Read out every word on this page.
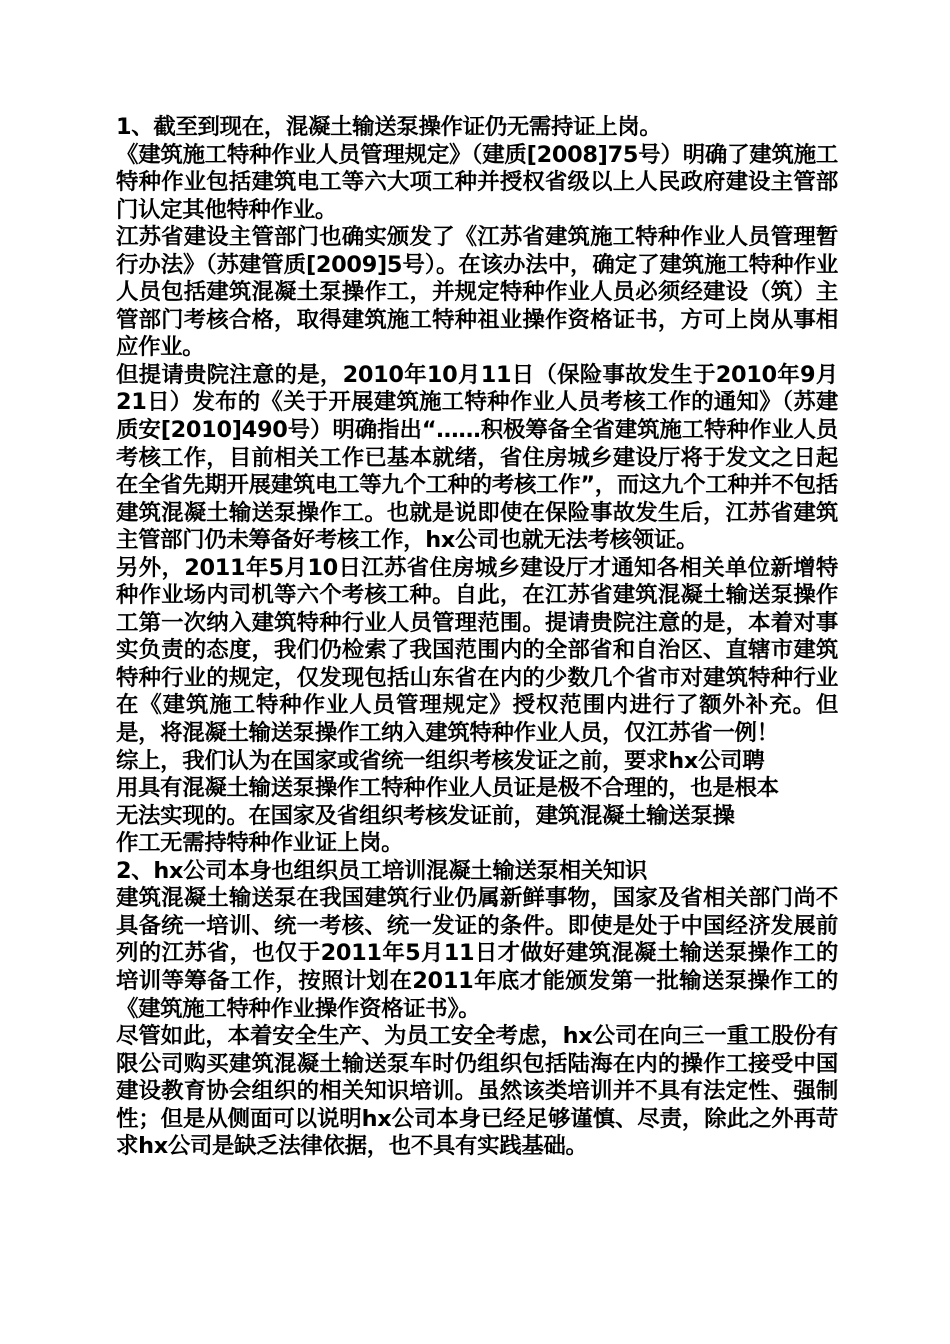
1、截至到现在，混凝土输送泵操作证仍无需持证上岗。

《建筑施工特种作业人员管理规定》（建质[2008]75号）明确了建筑施工特种作业包括建筑电工等六大项工种并授权省级以上人民政府建设主管部门认定其他特种作业。

江苏省建设主管部门也确实颁发了《江苏省建筑施工特种作业人员管理暂行办法》（苏建管质[2009]5号）。在该办法中，确定了建筑施工特种作业人员包括建筑混凝土泵操作工，并规定特种作业人员必须经建设（筑）主管部门考核合格，取得建筑施工特种祖业操作资格证书，方可上岗从事相应作业。

但提请贵院注意的是，2010年10月11日（保险事故发生于2010年9月21日）发布的《关于开展建筑施工特种作业人员考核工作的通知》（苏建质安[2010]490号）明确指出“……积极筹备全省建筑施工特种作业人员考核工作，目前相关工作已基本就绪，省住房城乡建设厅将于发文之日起在全省先期开展建筑电工等九个工种的考核工作”，而这九个工种并不包括建筑混凝土输送泵操作工。也就是说即使在保险事故发生后，江苏省建筑主管部门仍未筹备好考核工作，hx公司也就无法考核领证。

另外，2011年5月10日江苏省住房城乡建设厅才通知各相关单位新增特种作业场内司机等六个考核工种。自此，在江苏省建筑混凝土输送泵操作工第一次纳入建筑特种行业人员管理范围。提请贵院注意的是，本着对事实负责的态度，我们仍检索了我国范围内的全部省和自治区、直辖市建筑特种行业的规定，仅发现包括山东省在内的少数几个省市对建筑特种行业在《建筑施工特种作业人员管理规定》授权范围内进行了额外补充。但是，将混凝土输送泵操作工纳入建筑特种作业人员，仅江苏省一例！

综上，我们认为在国家或省统一组织考核发证之前，要求hx公司聘
用具有混凝土输送泵操作工特种作业人员证是极不合理的，也是根本
无法实现的。在国家及省组织考核发证前，建筑混凝土输送泵操
作工无需持特种作业证上岗。

2、hx公司本身也组织员工培训混凝土输送泵相关知识

建筑混凝土输送泵在我国建筑行业仍属新鲜事物，国家及省相关部门尚不具备统一培训、统一考核、统一发证的条件。即使是处于中国经济发展前列的江苏省，也仅于2011年5月11日才做好建筑混凝土输送泵操作工的培训等筹备工作，按照计划在2011年底才能颁发第一批输送泵操作工的《建筑施工特种作业操作资格证书》。

尽管如此，本着安全生产、为员工安全考虑，hx公司在向三一重工股份有限公司购买建筑混凝土输送泵车时仍组织包括陆海在内的操作工接受中国建设教育协会组织的相关知识培训。虽然该类培训并不具有法定性、强制性；但是从侧面可以说明hx公司本身已经足够谨慎、尽责，除此之外再苛求hx公司是缺乏法律依据，也不具有实践基础。
